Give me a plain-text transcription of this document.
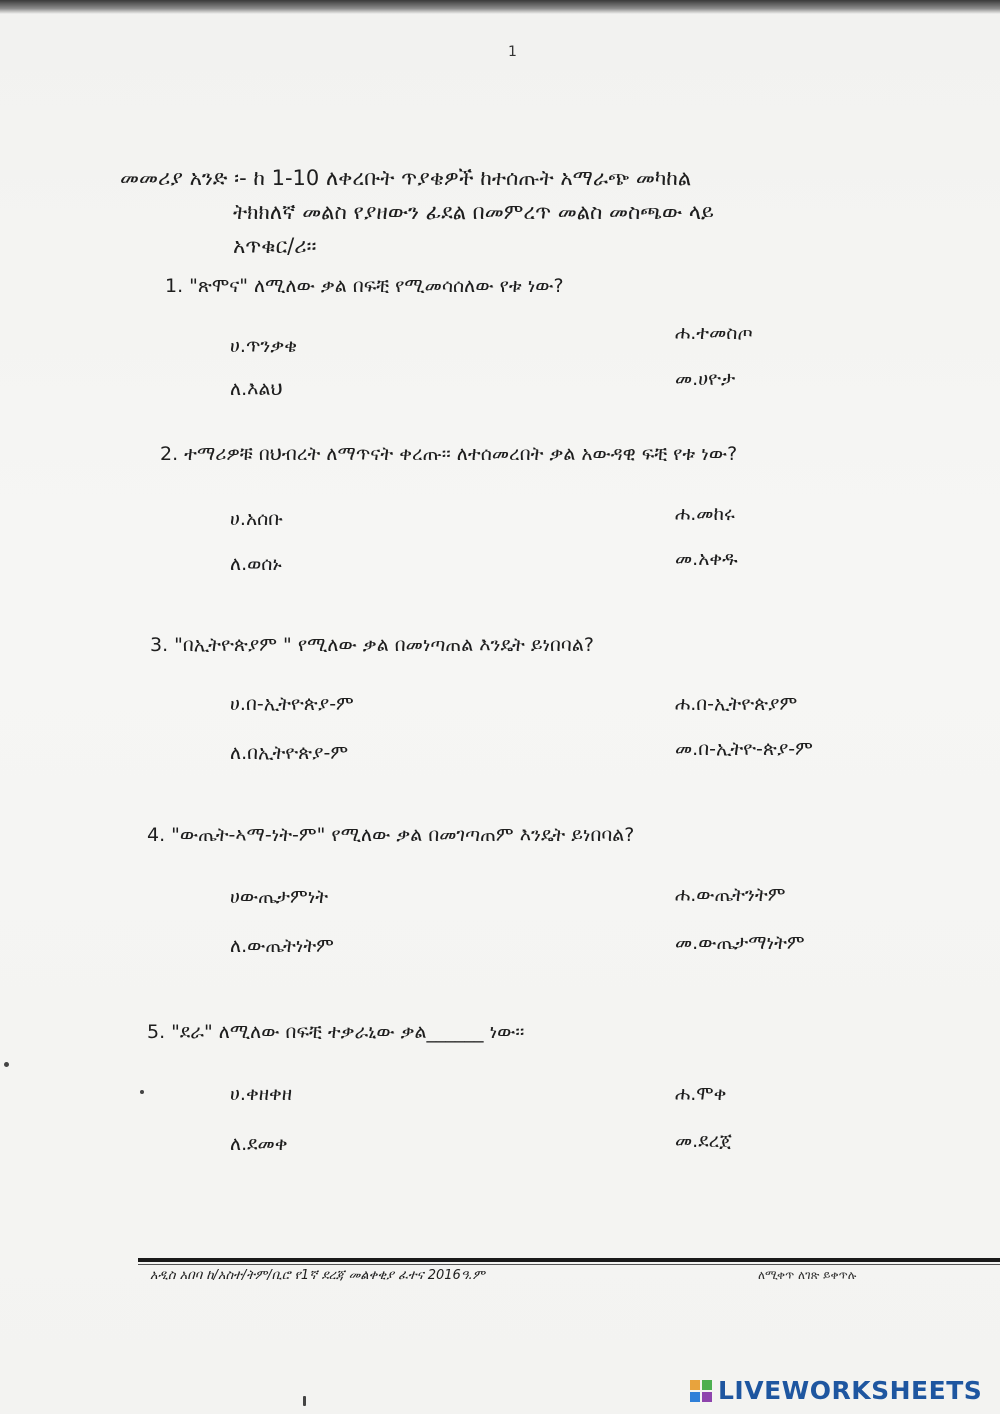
1
መመሪያ አንድ ፡- ከ 1-10 ለቀረቡት ጥያቄዎች ከተሰጡት አማራጭ መካከል
ትክክለኛ መልስ የያዘውን ፊደል በመምረጥ መልስ መስጫው ላይ
አጥቁር/ሪ፡፡
1. "ጽሞና" ለሚለው ቃል በፍቺ የሚመሳሰለው የቱ ነው?
ሀ.ጥንቃቄ
ለ.እልህ
ሐ.ተመስጦ
መ.ሀዮታ
2. ተማሪዎቹ በህብረት ለማጥናት ቀረጡ፡፡ ለተሰመረበት ቃል አውዳዊ ፍቺ የቱ ነው?
ሀ.አሰቡ
ለ.ወሰኑ
ሐ.መከሩ
መ.አቀዱ
3. "በኢትዮጵያም " የሚለው ቃል በመነጣጠል እንዴት ይነበባል?
ሀ.በ-ኢትዮጵያ-ም
ለ.በኢትዮጵያ-ም
ሐ.በ-ኢትዮጵያም
መ.በ-ኢትዮ-ጵያ-ም
4. "ውጤት-ኣማ-ነት-ም" የሚለው ቃል በመገጣጠም እንዴት ይነበባል?
ሀውጤታምነት
ለ.ውጤትነትም
ሐ.ውጤትንትም
መ.ውጤታማነትም
5. "ደራ" ለሚለው በፍቺ ተቃራኒው ቃል______ ነው፡፡
ሀ.ቀዘቀዘ
ለ.ደመቀ
ሐ.ሞቀ
መ.ደረጀ
አዲስ አበባ ከ/አስተ/ትም/ቢሮ የ1ኛ ደረጃ መልቀቂያ ፈተና 2016ዓ.ም	ለሚቀጥ ለገጽ ይቀጥሉ
LIVEWORKSHEETS
